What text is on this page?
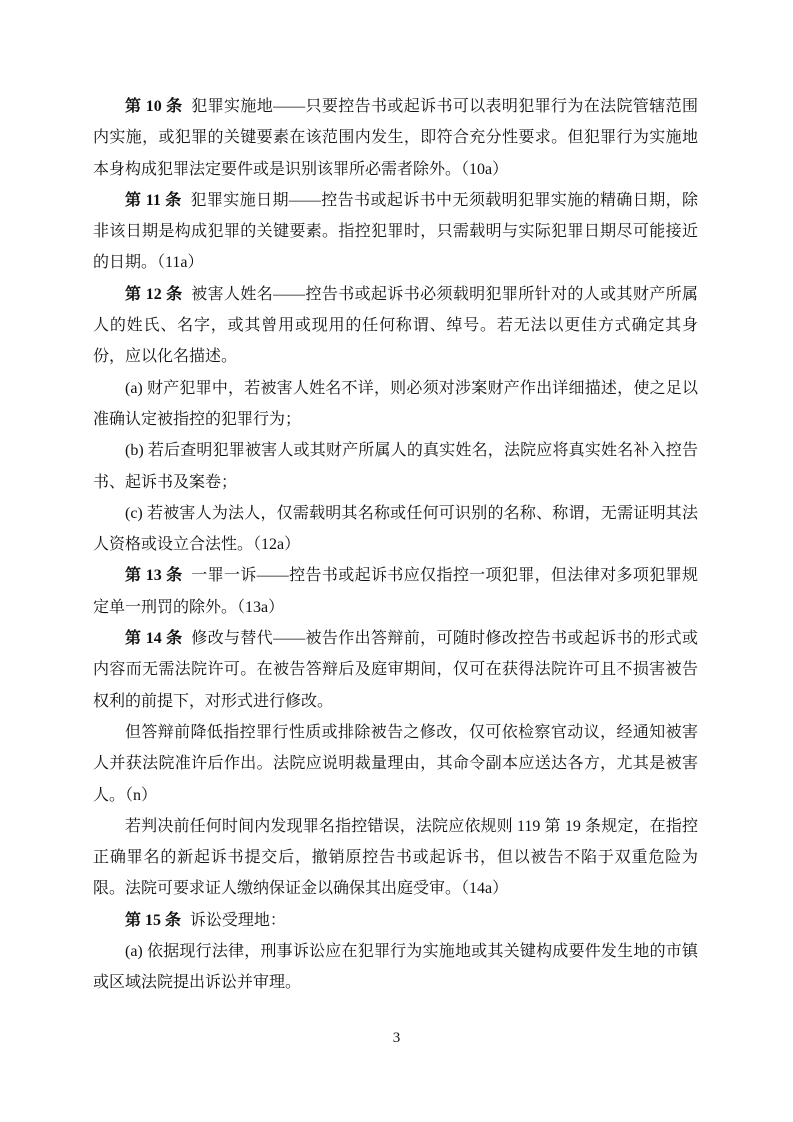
第 10 条 犯罪实施地——只要控告书或起诉书可以表明犯罪行为在法院管辖范围内实施，或犯罪的关键要素在该范围内发生，即符合充分性要求。但犯罪行为实施地本身构成犯罪法定要件或是识别该罪所必需者除外。（10a）

第 11 条 犯罪实施日期——控告书或起诉书中无须载明犯罪实施的精确日期，除非该日期是构成犯罪的关键要素。指控犯罪时，只需载明与实际犯罪日期尽可能接近的日期。（11a）

第 12 条 被害人姓名——控告书或起诉书必须载明犯罪所针对的人或其财产所属人的姓氏、名字，或其曾用或现用的任何称谓、绰号。若无法以更佳方式确定其身份，应以化名描述。

(a) 财产犯罪中，若被害人姓名不详，则必须对涉案财产作出详细描述，使之足以准确认定被指控的犯罪行为；

(b) 若后查明犯罪被害人或其财产所属人的真实姓名，法院应将真实姓名补入控告书、起诉书及案卷；

(c) 若被害人为法人，仅需载明其名称或任何可识别的名称、称谓，无需证明其法人资格或设立合法性。（12a）

第 13 条 一罪一诉——控告书或起诉书应仅指控一项犯罪，但法律对多项犯罪规定单一刑罚的除外。（13a）

第 14 条 修改与替代——被告作出答辩前，可随时修改控告书或起诉书的形式或内容而无需法院许可。在被告答辩后及庭审期间，仅可在获得法院许可且不损害被告权利的前提下，对形式进行修改。

但答辩前降低指控罪行性质或排除被告之修改，仅可依检察官动议，经通知被害人并获法院准许后作出。法院应说明裁量理由，其命令副本应送达各方，尤其是被害人。（n）

若判决前任何时间内发现罪名指控错误，法院应依规则 119 第 19 条规定，在指控正确罪名的新起诉书提交后，撤销原控告书或起诉书，但以被告不陷于双重危险为限。法院可要求证人缴纳保证金以确保其出庭受审。（14a）

第 15 条 诉讼受理地：

(a) 依据现行法律，刑事诉讼应在犯罪行为实施地或其关键构成要件发生地的市镇或区域法院提出诉讼并审理。

3
